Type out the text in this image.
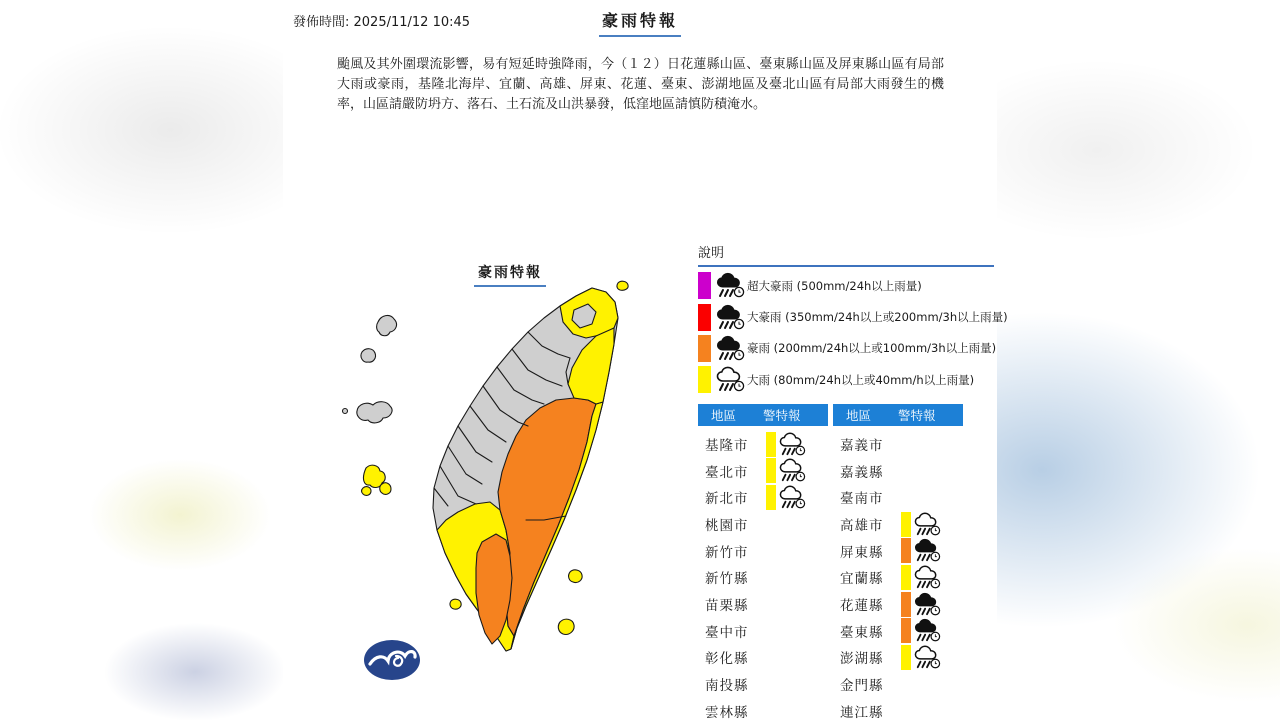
發佈時間: 2025/11/12 10:45	豪雨特報
颱風及其外圍環流影響，易有短延時強降雨，今（１２）日花蓮縣山區、臺東縣山區及屏東縣山區有局部大雨或豪雨，基隆北海岸、宜蘭、高雄、屏東、花蓮、臺東、澎湖地區及臺北山區有局部大雨發生的機率，山區請嚴防坍方、落石、土石流及山洪暴發，低窪地區請慎防積淹水。
豪雨特報
說明
超大豪雨 (500mm/24h以上雨量)
大豪雨 (350mm/24h以上或200mm/3h以上雨量)
豪雨 (200mm/24h以上或100mm/3h以上雨量)
大雨 (80mm/24h以上或40mm/h以上雨量)
地區 警特報
基隆市
臺北市
新北市
桃園市
新竹市
新竹縣
苗栗縣
臺中市
彰化縣
南投縣
雲林縣
地區 警特報
嘉義市
嘉義縣
臺南市
高雄市
屏東縣
宜蘭縣
花蓮縣
臺東縣
澎湖縣
金門縣
連江縣
